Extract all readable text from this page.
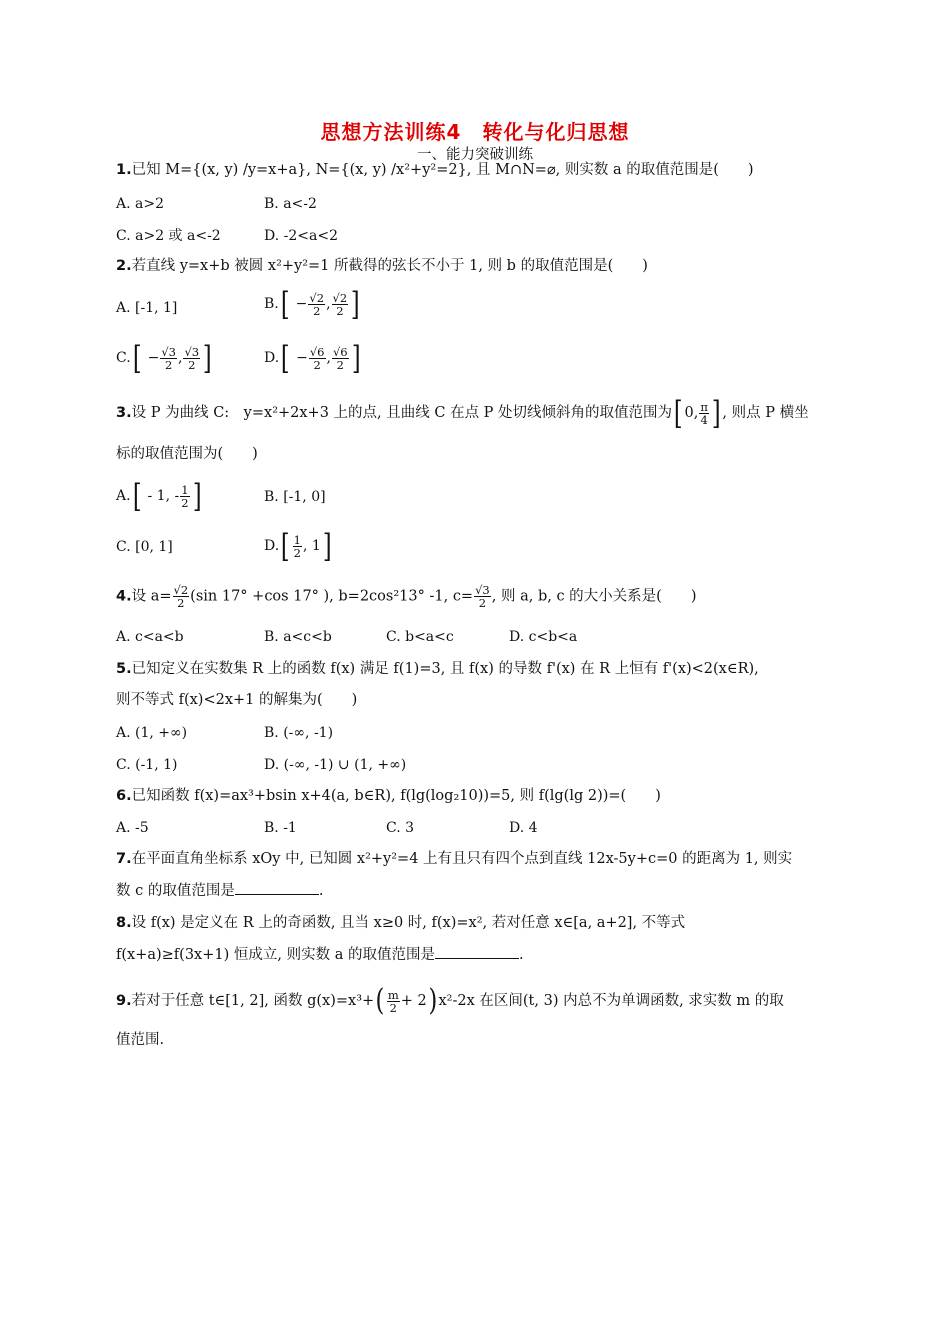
思想方法训练4　转化与化归思想
一、能力突破训练
1.已知 M={(x, y) /y=x+a}, N={(x, y) /x²+y²=2}, 且 M∩N=⌀, 则实数 a 的取值范围是(　　)
A. a>2	B. a<-2
C. a>2 或 a<-2	D. -2<a<2
2.若直线 y=x+b 被圆 x²+y²=1 所截得的弦长不小于 1, 则 b 的取值范围是(　　)
A. [-1, 1]	$B.[ - \frac{√2}{2}$ , $\frac{√2}{2}$ ]
$C.[ - \frac{√3}{2}$ , $\frac{√3}{2}$ ]	$D.[ - \frac{√6}{2}$ , $\frac{√6}{2}$ ]
3.设 P 为曲线 C:　y=x²+2x+3 上的点, 且曲线 C 在点 P 处切线倾斜角的取值范围为[ 0, $\frac{\pi}{4}$ ] , 则点 P 横坐
标的取值范围为(　　)
A.[ - 1, - $\frac{1}{2}$ ]	B. [-1, 0]
C. [0, 1]	$D.[ \frac{1}{2}$ , 1]
4.设 $a= \frac{√2}{2} (\sin$ 17° +cos 17° ), b=2cos²13° -1, $c= \frac{√3}{2}$ , 则 a, b, c 的大小关系是(　　)
A. c<a<b	B. a<c<b	C. b<a<c	D. c<b<a
5.已知定义在实数集 R 上的函数 f(x) 满足 f(1)=3, 且 f(x) 的导数 f'(x) 在 R 上恒有 f'(x)<2(x∈R),
则不等式 f(x)<2x+1 的解集为(　　)
A. (1, +∞)	B. (-∞, -1)
C. (-1, 1)	D. (-∞, -1) ∪ (1, +∞)
6.已知函数 f(x)=ax³+bsin x+4(a, b∈R), f(lg(log₂10))=5, 则 f(lg(lg 2))=(　　)
A. -5	B. -1	C. 3	D. 4
7.在平面直角坐标系 xOy 中, 已知圆 x²+y²=4 上有且只有四个点到直线 12x-5y+c=0 的距离为 1, 则实
数 c 的取值范围是	.
8.设 f(x) 是定义在 R 上的奇函数, 且当 x≥0 时, f(x)=x², 若对任意 x∈[a, a+2], 不等式
f(x+a)≥f(3x+1) 恒成立, 则实数 a 的取值范围是	.
9.若对于任意 t∈[1, 2], 函数 $g(x)=x^3+( \frac{m}{2} + 2)x^2-2x$ 在区间(t, 3) 内总不为单调函数, 求实数 m 的取
值范围.
